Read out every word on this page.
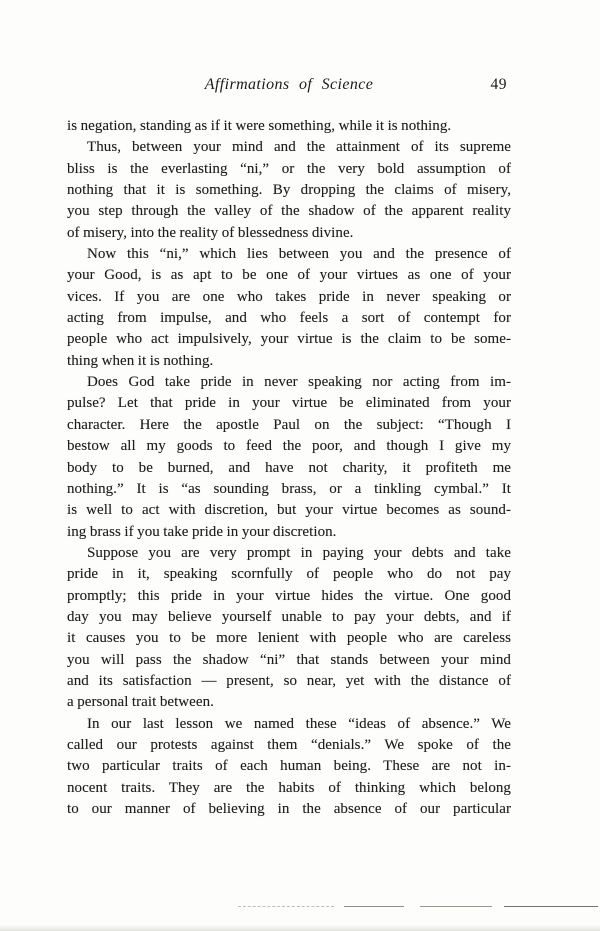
Affirmations of Science	49
is negation, standing as if it were something, while it is nothing.
Thus, between your mind and the attainment of its supreme
bliss is the everlasting “ni,” or the very bold assumption of
nothing that it is something. By dropping the claims of misery,
you step through the valley of the shadow of the apparent reality
of misery, into the reality of blessedness divine.
Now this “ni,” which lies between you and the presence of
your Good, is as apt to be one of your virtues as one of your
vices. If you are one who takes pride in never speaking or
acting from impulse, and who feels a sort of contempt for
people who act impulsively, your virtue is the claim to be some-
thing when it is nothing.
Does God take pride in never speaking nor acting from im-
pulse? Let that pride in your virtue be eliminated from your
character. Here the apostle Paul on the subject: “Though I
bestow all my goods to feed the poor, and though I give my
body to be burned, and have not charity, it profiteth me
nothing.” It is “as sounding brass, or a tinkling cymbal.” It
is well to act with discretion, but your virtue becomes as sound-
ing brass if you take pride in your discretion.
Suppose you are very prompt in paying your debts and take
pride in it, speaking scornfully of people who do not pay
promptly; this pride in your virtue hides the virtue. One good
day you may believe yourself unable to pay your debts, and if
it causes you to be more lenient with people who are careless
you will pass the shadow “ni” that stands between your mind
and its satisfaction — present, so near, yet with the distance of
a personal trait between.
In our last lesson we named these “ideas of absence.” We
called our protests against them “denials.” We spoke of the
two particular traits of each human being. These are not in-
nocent traits. They are the habits of thinking which belong
to our manner of believing in the absence of our particular
